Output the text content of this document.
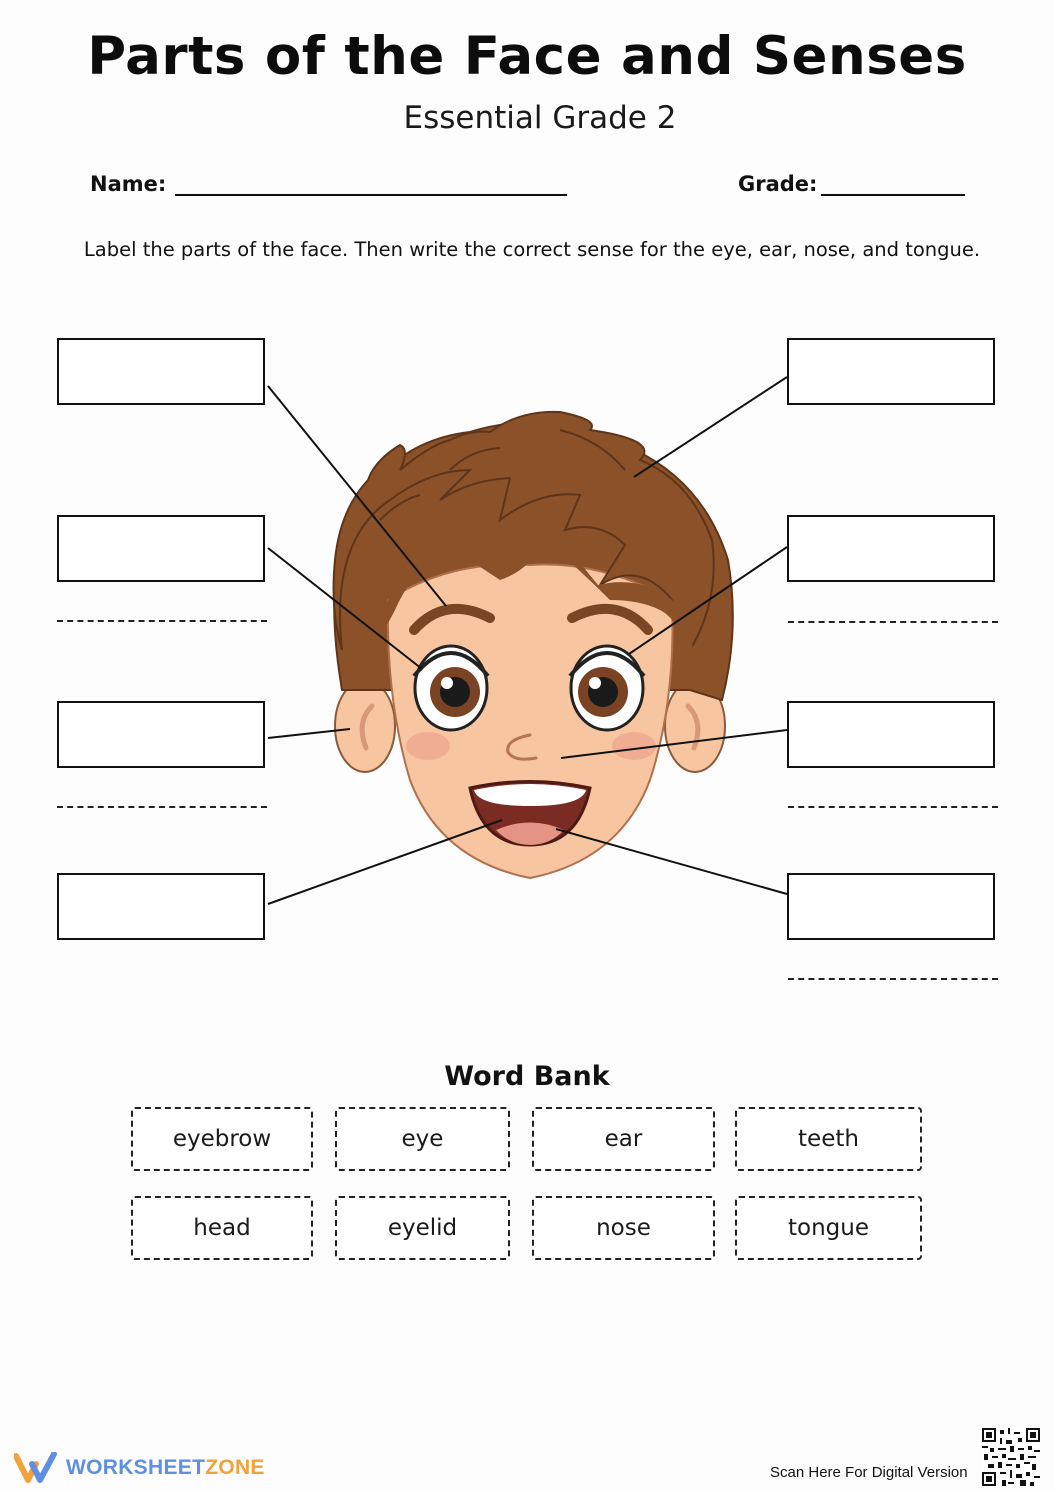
Parts of the Face and Senses
Essential Grade 2
Name:	Grade:
Label the parts of the face. Then write the correct sense for the eye, ear, nose, and tongue.
Word Bank
eyebrow	eye	ear	teeth
head	eyelid	nose	tongue
WORKSHEETZONE	Scan Here For Digital Version
